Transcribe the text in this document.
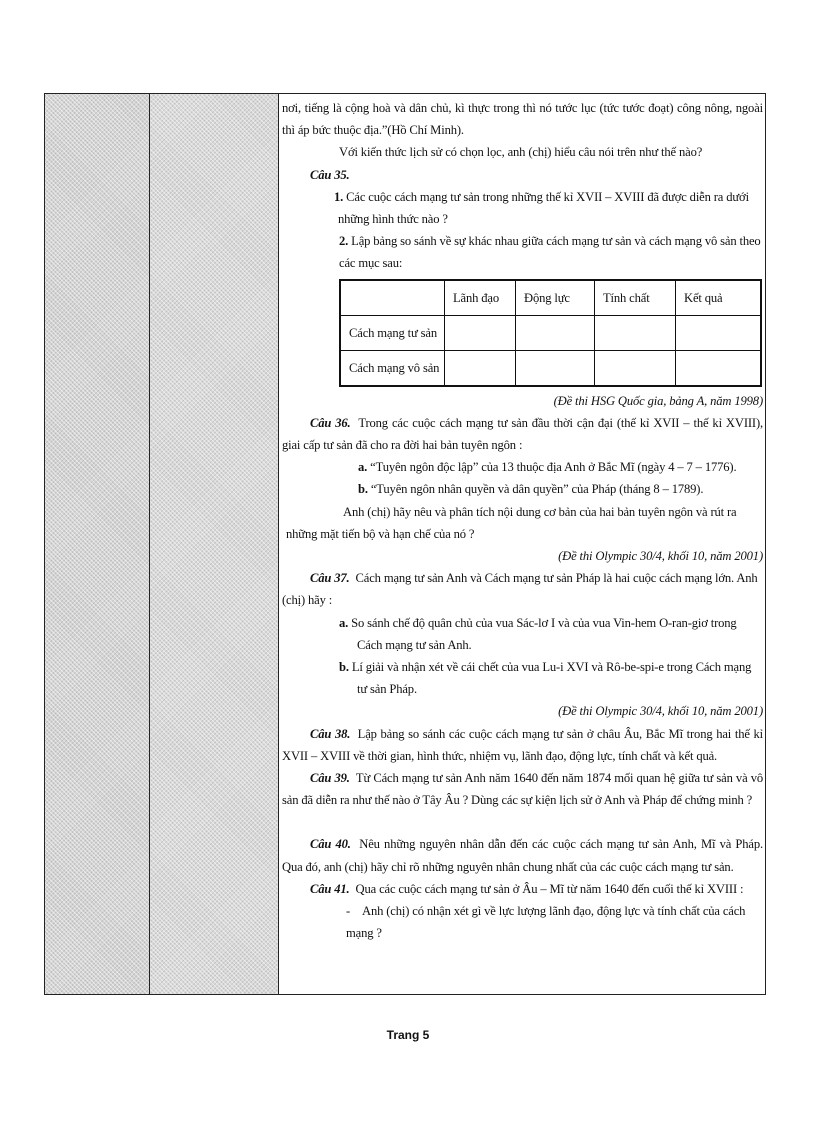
nơi, tiếng là cộng hoà và dân chủ, kì thực trong thì nó tước lục (tức tước đoạt) công nông, ngoài thì áp bức thuộc địa.”(Hồ Chí Minh).

Với kiến thức lịch sử có chọn lọc, anh (chị) hiểu câu nói trên như thế nào?

Câu 35.

1. Các cuộc cách mạng tư sản trong những thế kỉ XVII – XVIII đã được diễn ra dưới những hình thức nào ?

2. Lập bảng so sánh về sự khác nhau giữa cách mạng tư sản và cách mạng vô sản theo các mục sau:

	Lãnh đạo	Động lực	Tính chất	Kết quả
Cách mạng tư sản				
Cách mạng vô sản				

(Đề thi HSG Quốc gia, bảng A, năm 1998)

Câu 36. Trong các cuộc cách mạng tư sản đầu thời cận đại (thế kỉ XVII – thế kỉ XVIII), giai cấp tư sản đã cho ra đời hai bản tuyên ngôn :

a. “Tuyên ngôn độc lập” của 13 thuộc địa Anh ở Bắc Mĩ (ngày 4 – 7 – 1776).

b. “Tuyên ngôn nhân quyền và dân quyền” của Pháp (tháng 8 – 1789).

Anh (chị) hãy nêu và phân tích nội dung cơ bản của hai bản tuyên ngôn và rút ra những mặt tiến bộ và hạn chế của nó ?

(Đề thi Olympic 30/4, khối 10, năm 2001)

Câu 37. Cách mạng tư sản Anh và Cách mạng tư sản Pháp là hai cuộc cách mạng lớn. Anh (chị) hãy :

a. So sánh chế độ quân chủ của vua Sác-lơ I và của vua Vin-hem O-ran-giơ trong Cách mạng tư sản Anh.

b. Lí giải và nhận xét về cái chết của vua Lu-i XVI và Rô-be-spi-e trong Cách mạng tư sản Pháp.

(Đề thi Olympic 30/4, khối 10, năm 2001)

Câu 38. Lập bảng so sánh các cuộc cách mạng tư sản ở châu Âu, Bắc Mĩ trong hai thế kỉ XVII – XVIII về thời gian, hình thức, nhiệm vụ, lãnh đạo, động lực, tính chất và kết quả.

Câu 39. Từ Cách mạng tư sản Anh năm 1640 đến năm 1874 mối quan hệ giữa tư sản và vô sản đã diễn ra như thế nào ở Tây Âu ? Dùng các sự kiện lịch sử ở Anh và Pháp để chứng minh ?

Câu 40. Nêu những nguyên nhân dẫn đến các cuộc cách mạng tư sản Anh, Mĩ và Pháp. Qua đó, anh (chị) hãy chỉ rõ những nguyên nhân chung nhất của các cuộc cách mạng tư sản.

Câu 41. Qua các cuộc cách mạng tư sản ở Âu – Mĩ từ năm 1640 đến cuối thế kỉ XVIII :

- Anh (chị) có nhận xét gì về lực lượng lãnh đạo, động lực và tính chất của cách mạng ?

Trang 5
